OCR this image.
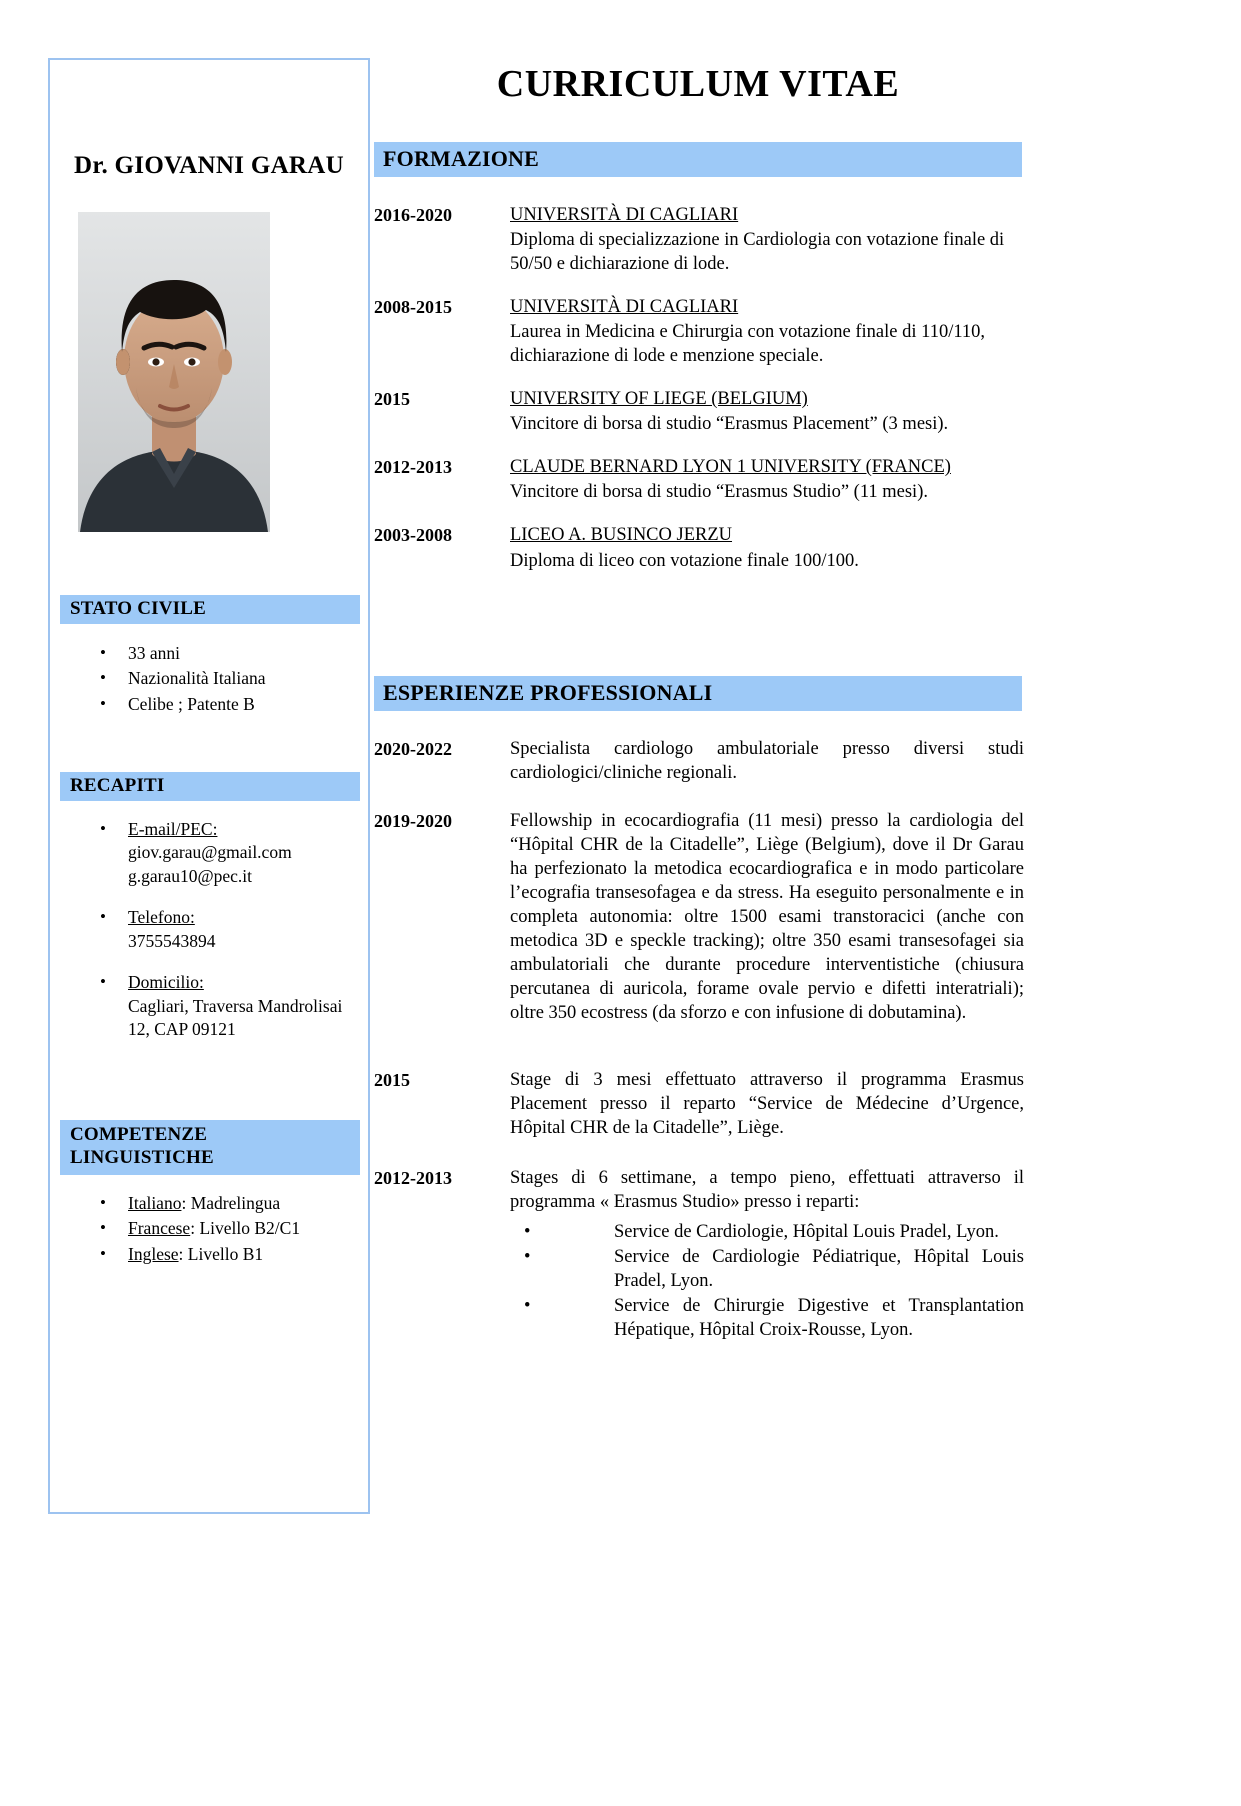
Dr. GIOVANNI GARAU
STATO CIVILE
• 33 anni
• Nazionalità Italiana
• Celibe ; Patente B
RECAPITI
• E-mail/PEC:
giov.garau@gmail.com
g.garau10@pec.it
• Telefono:
3755543894
• Domicilio:
Cagliari, Traversa Mandrolisai
12, CAP 09121
COMPETENZE
LINGUISTICHE
• Italiano: Madrelingua
• Francese: Livello B2/C1
• Inglese: Livello B1
CURRICULUM VITAE
FORMAZIONE
2016-2020	UNIVERSITÀ DI CAGLIARI
Diploma di specializzazione in Cardiologia con votazione finale di 50/50 e dichiarazione di lode.
2008-2015	UNIVERSITÀ DI CAGLIARI
Laurea in Medicina e Chirurgia con votazione finale di 110/110, dichiarazione di lode e menzione speciale.
2015	UNIVERSITY OF LIEGE (BELGIUM)
Vincitore di borsa di studio “Erasmus Placement” (3 mesi).
2012-2013	CLAUDE BERNARD LYON 1 UNIVERSITY (FRANCE)
Vincitore di borsa di studio “Erasmus Studio” (11 mesi).
2003-2008	LICEO A. BUSINCO JERZU
Diploma di liceo con votazione finale 100/100.
ESPERIENZE PROFESSIONALI
2020-2022	Specialista cardiologo ambulatoriale presso diversi studi cardiologici/cliniche regionali.
2019-2020	Fellowship in ecocardiografia (11 mesi) presso la cardiologia del “Hôpital CHR de la Citadelle”, Liège (Belgium), dove il Dr Garau ha perfezionato la metodica ecocardiografica e in modo particolare l’ecografia transesofagea e da stress. Ha eseguito personalmente e in completa autonomia: oltre 1500 esami transtoracici (anche con metodica 3D e speckle tracking); oltre 350 esami transesofagei sia ambulatoriali che durante procedure interventistiche (chiusura percutanea di auricola, forame ovale pervio e difetti interatriali); oltre 350 ecostress (da sforzo e con infusione di dobutamina).
2015	Stage di 3 mesi effettuato attraverso il programma Erasmus Placement presso il reparto “Service de Médecine d’Urgence, Hôpital CHR de la Citadelle”, Liège.
2012-2013	Stages di 6 settimane, a tempo pieno, effettuati attraverso il programma « Erasmus Studio» presso i reparti:
•	Service de Cardiologie, Hôpital Louis Pradel, Lyon.
•	Service de Cardiologie Pédiatrique, Hôpital Louis Pradel, Lyon.
•	Service de Chirurgie Digestive et Transplantation Hépatique, Hôpital Croix-Rousse, Lyon.
